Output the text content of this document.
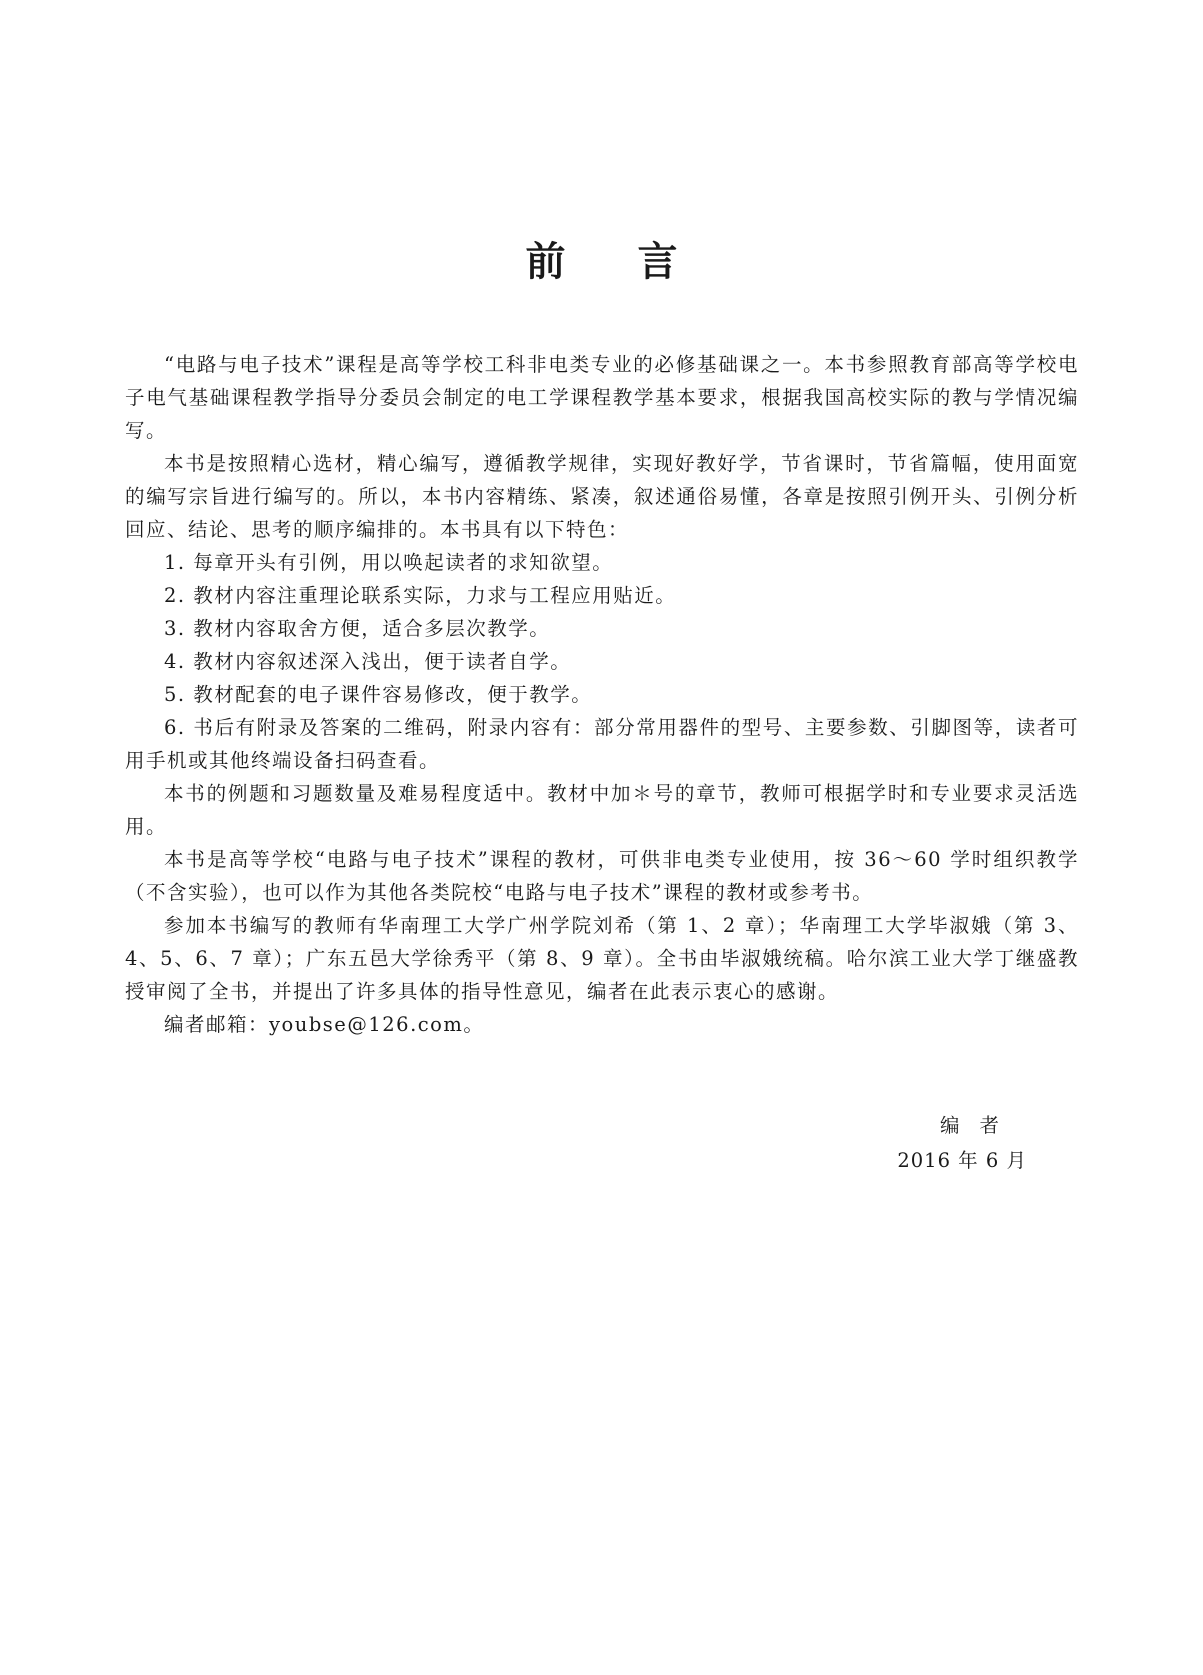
前言

“电路与电子技术”课程是高等学校工科非电类专业的必修基础课之一。本书参照教育部高等学校电子电气基础课程教学指导分委员会制定的电工学课程教学基本要求，根据我国高校实际的教与学情况编写。

本书是按照精心选材，精心编写，遵循教学规律，实现好教好学，节省课时，节省篇幅，使用面宽的编写宗旨进行编写的。所以，本书内容精练、紧凑，叙述通俗易懂，各章是按照引例开头、引例分析回应、结论、思考的顺序编排的。本书具有以下特色：

1. 每章开头有引例，用以唤起读者的求知欲望。

2. 教材内容注重理论联系实际，力求与工程应用贴近。

3. 教材内容取舍方便，适合多层次教学。

4. 教材内容叙述深入浅出，便于读者自学。

5. 教材配套的电子课件容易修改，便于教学。

6. 书后有附录及答案的二维码，附录内容有：部分常用器件的型号、主要参数、引脚图等，读者可用手机或其他终端设备扫码查看。

本书的例题和习题数量及难易程度适中。教材中加＊号的章节，教师可根据学时和专业要求灵活选用。

本书是高等学校“电路与电子技术”课程的教材，可供非电类专业使用，按 36～60 学时组织教学（不含实验），也可以作为其他各类院校“电路与电子技术”课程的教材或参考书。

参加本书编写的教师有华南理工大学广州学院刘希（第 1、2 章）；华南理工大学毕淑娥（第 3、4、5、6、7 章）；广东五邑大学徐秀平（第 8、9 章）。全书由毕淑娥统稿。哈尔滨工业大学丁继盛教授审阅了全书，并提出了许多具体的指导性意见，编者在此表示衷心的感谢。

编者邮箱：youbse@126.com。

编者

2016 年 6 月
